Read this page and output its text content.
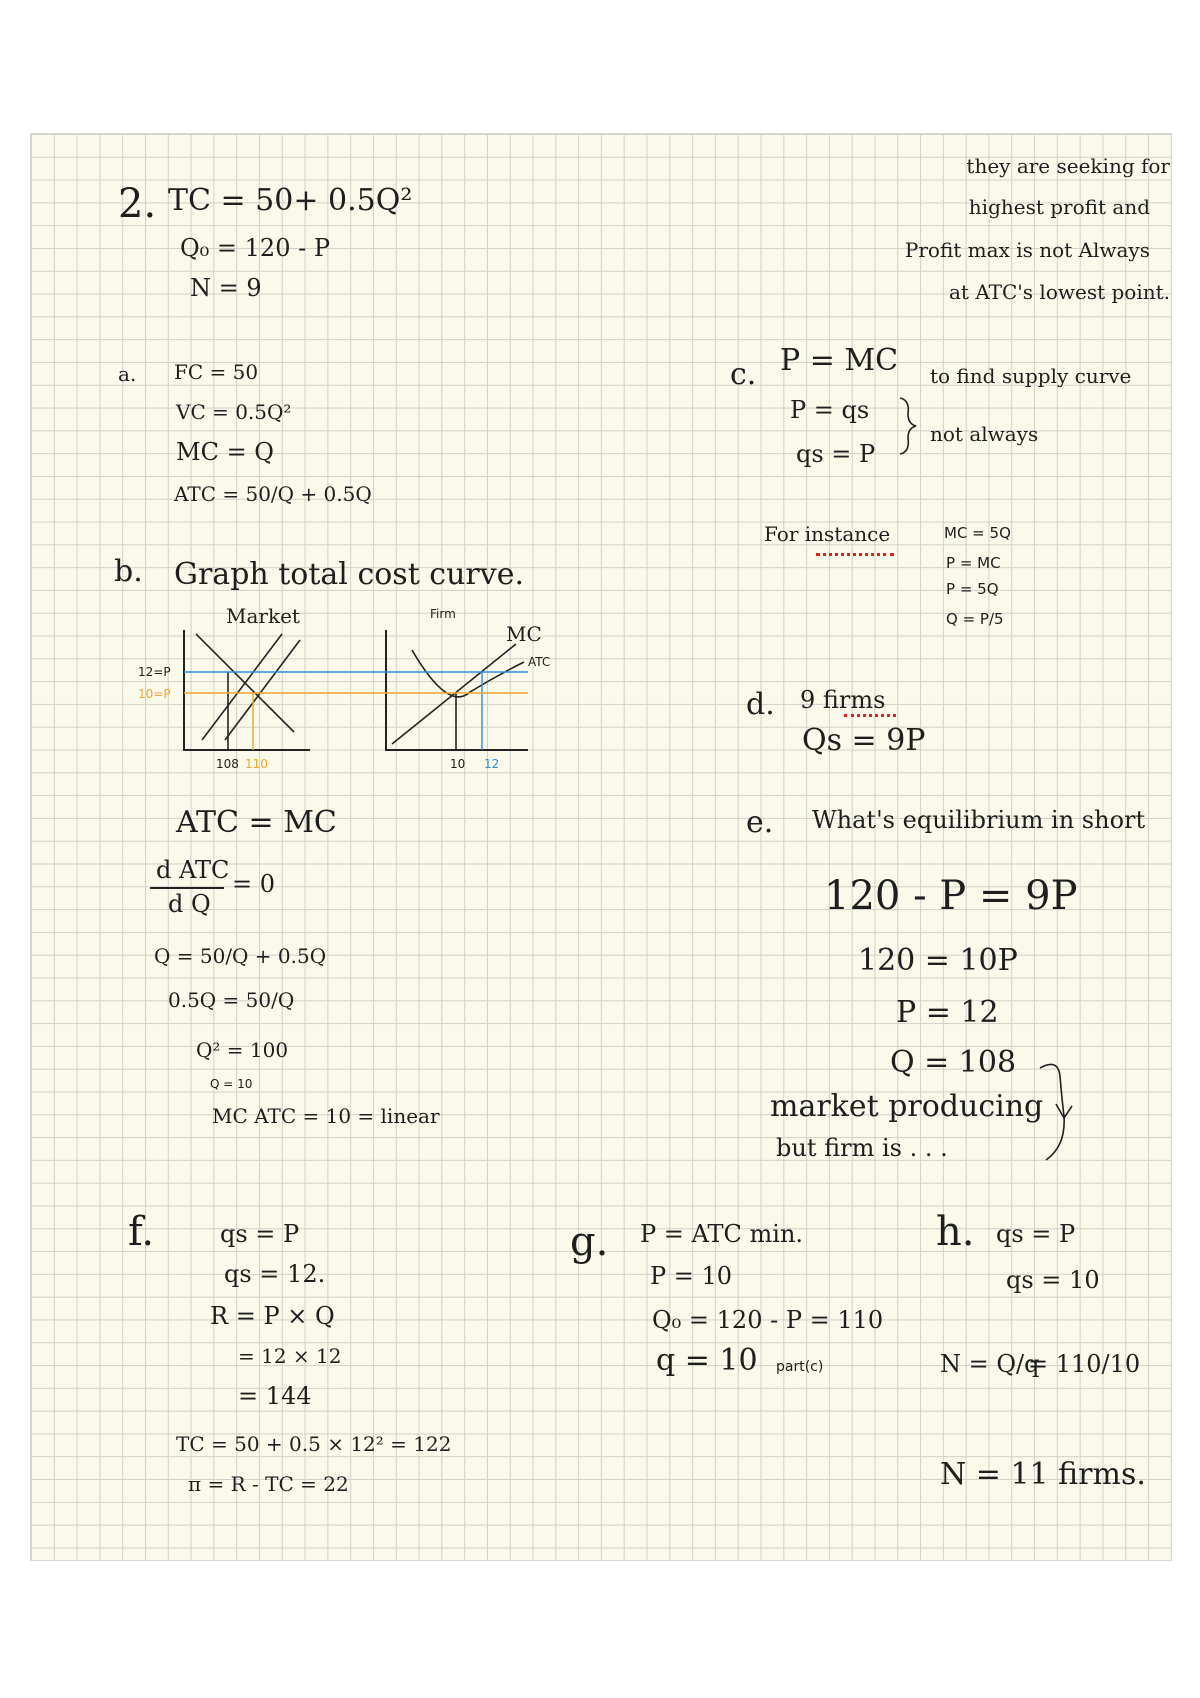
2. TC = 50+ 0.5Q²
Q₀ = 120 - P
N = 9
they are seeking for
highest profit and
Profit max is not Always
at ATC's lowest point.
a. FC = 50
VC = 0.5Q²
MC = Q
ATC = 50/Q + 0.5Q
b. Graph total cost curve.
Market	Firm
12=P
10=P
108 110
MC
ATC
10 12
ATC = MC
d ATC
d Q
= 0
Q = 50/Q + 0.5Q
0.5Q = 50/Q
Q² = 100
Q = 10
MC ATC = 10 = linear
c. P = MC to find supply curve
P = qs
qs = P
not always
For instance	MC = 5Q
P = MC
P = 5Q
Q = P/5
d. 9 firms
Qs = 9P
e. What's equilibrium in short
120 - P = 9P
120 = 10P
P = 12
Q = 108
market producing
but firm is . . .
f.	qs = P
qs = 12.
R = P × Q
= 12 × 12
= 144
TC = 50 + 0.5 × 12² = 122
π = R - TC = 22
g. P = ATC min.
P = 10
Q₀ = 120 - P = 110
q = 10 part(c)
h. qs = P
qs = 10
N = Q/q
= 110/10
N = 11 firms.
